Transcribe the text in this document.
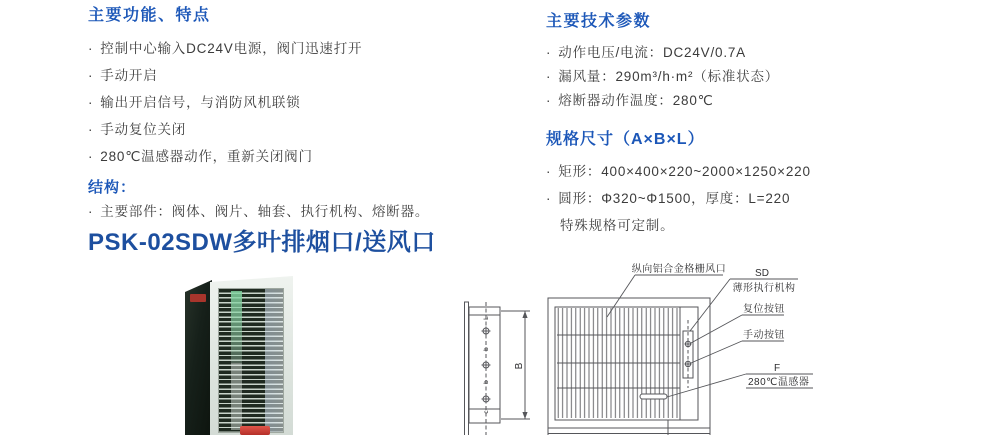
主要功能、特点
· 控制中心输入DC24V电源，阀门迅速打开
· 手动开启
· 输出开启信号，与消防风机联锁
· 手动复位关闭
· 280℃温感器动作，重新关闭阀门
结构：
· 主要部件：阀体、阀片、轴套、执行机构、熔断器。
主要技术参数
· 动作电压/电流：DC24V/0.7A
· 漏风量：290m³/h·m²（标准状态）
· 熔断器动作温度：280℃
规格尺寸（A×B×L）
· 矩形：400×400×220~2000×1250×220
· 圆形：Φ320~Φ1500，厚度：L=220
特殊规格可定制。
PSK-02SDW多叶排烟口/送风口
纵向铝合金格栅风口	SD
薄形执行机构
复位按钮
手动按钮
F
280℃温感器
B
L
b
b
c
